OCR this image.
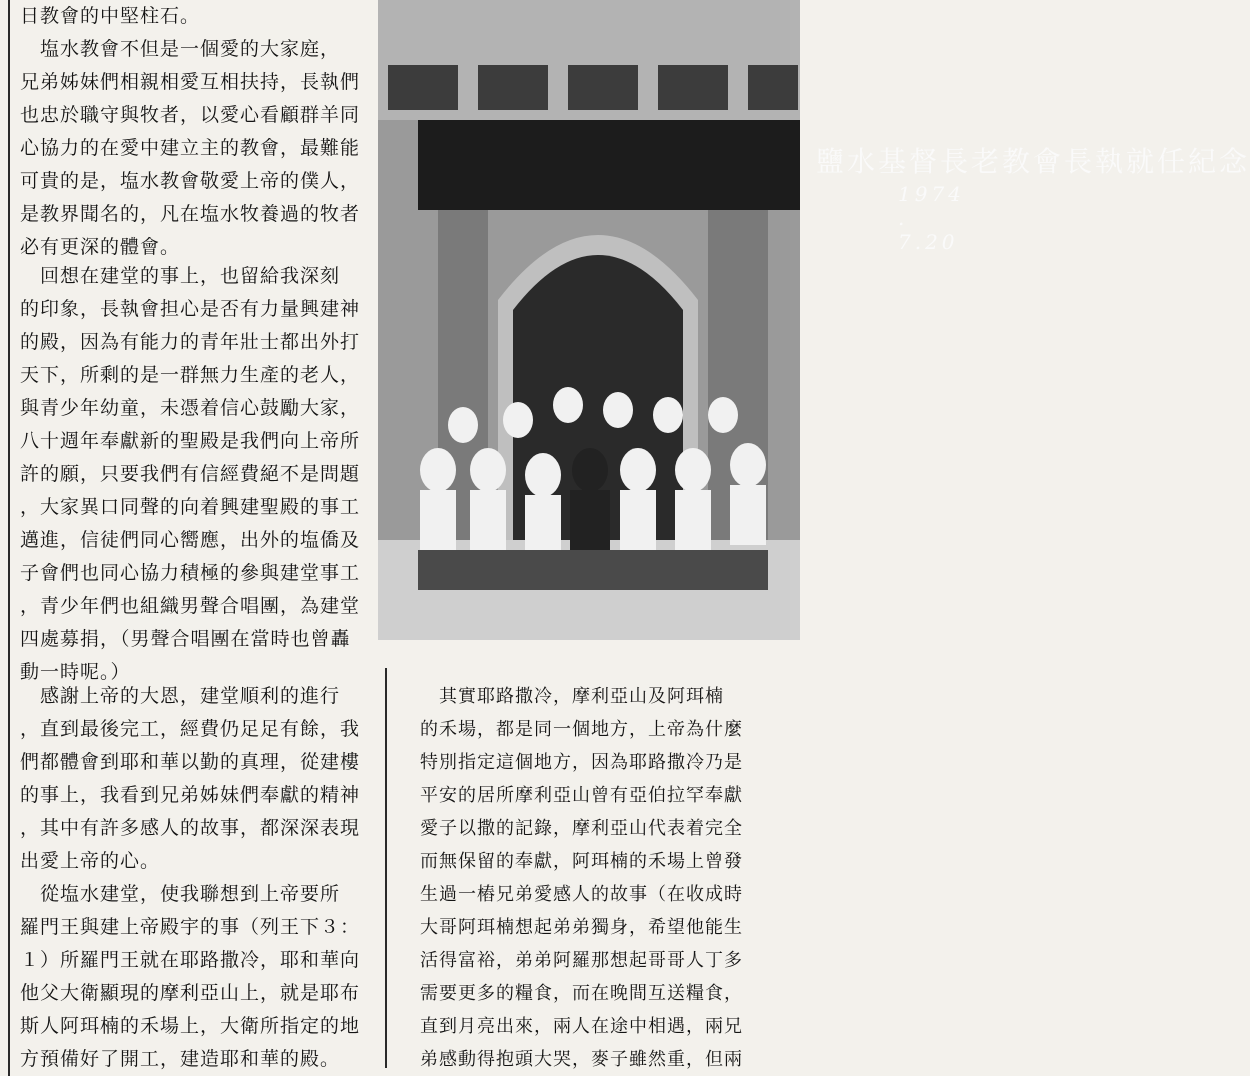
日教會的中堅柱石。
　塩水教會不但是一個愛的大家庭，
兄弟姊妹們相親相愛互相扶持，長執們
也忠於職守與牧者，以愛心看顧群羊同
心協力的在愛中建立主的教會，最難能
可貴的是，塩水教會敬愛上帝的僕人，
是教界聞名的，凡在塩水牧養過的牧者
必有更深的體會。
　回想在建堂的事上，也留給我深刻
的印象，長執會担心是否有力量興建神
的殿，因為有能力的青年壯士都出外打
天下，所剩的是一群無力生產的老人，
與青少年幼童，未憑着信心鼓勵大家，
八十週年奉獻新的聖殿是我們向上帝所
許的願，只要我們有信經費絕不是問題
，大家異口同聲的向着興建聖殿的事工
邁進，信徒們同心嚮應，出外的塩僑及
子會們也同心協力積極的參與建堂事工
，青少年們也組織男聲合唱團，為建堂
四處募捐，（男聲合唱團在當時也曾轟
動一時呢。）
　感謝上帝的大恩，建堂順利的進行
，直到最後完工，經費仍足足有餘，我
們都體會到耶和華以勤的真理，從建樓
的事上，我看到兄弟姊妹們奉獻的精神
，其中有許多感人的故事，都深深表現
出愛上帝的心。
　從塩水建堂，使我聯想到上帝要所
羅門王與建上帝殿宇的事（列王下３：
１）所羅門王就在耶路撒冷，耶和華向
他父大衛顯現的摩利亞山上，就是耶布
斯人阿珥楠的禾場上，大衛所指定的地
方預備好了開工，建造耶和華的殿。
　其實耶路撒冷，摩利亞山及阿珥楠
的禾場，都是同一個地方，上帝為什麼
特別指定這個地方，因為耶路撒冷乃是
平安的居所摩利亞山曾有亞伯拉罕奉獻
愛子以撒的記錄，摩利亞山代表着完全
而無保留的奉獻，阿珥楠的禾場上曾發
生過一樁兄弟愛感人的故事（在收成時
大哥阿珥楠想起弟弟獨身，希望他能生
活得富裕，弟弟阿羅那想起哥哥人丁多
需要更多的糧食，而在晚間互送糧食，
直到月亮出來，兩人在途中相遇，兩兄
弟感動得抱頭大哭，麥子雖然重，但兩
鹽水基督長老教會長執就任紀念
1974 . 7.20
